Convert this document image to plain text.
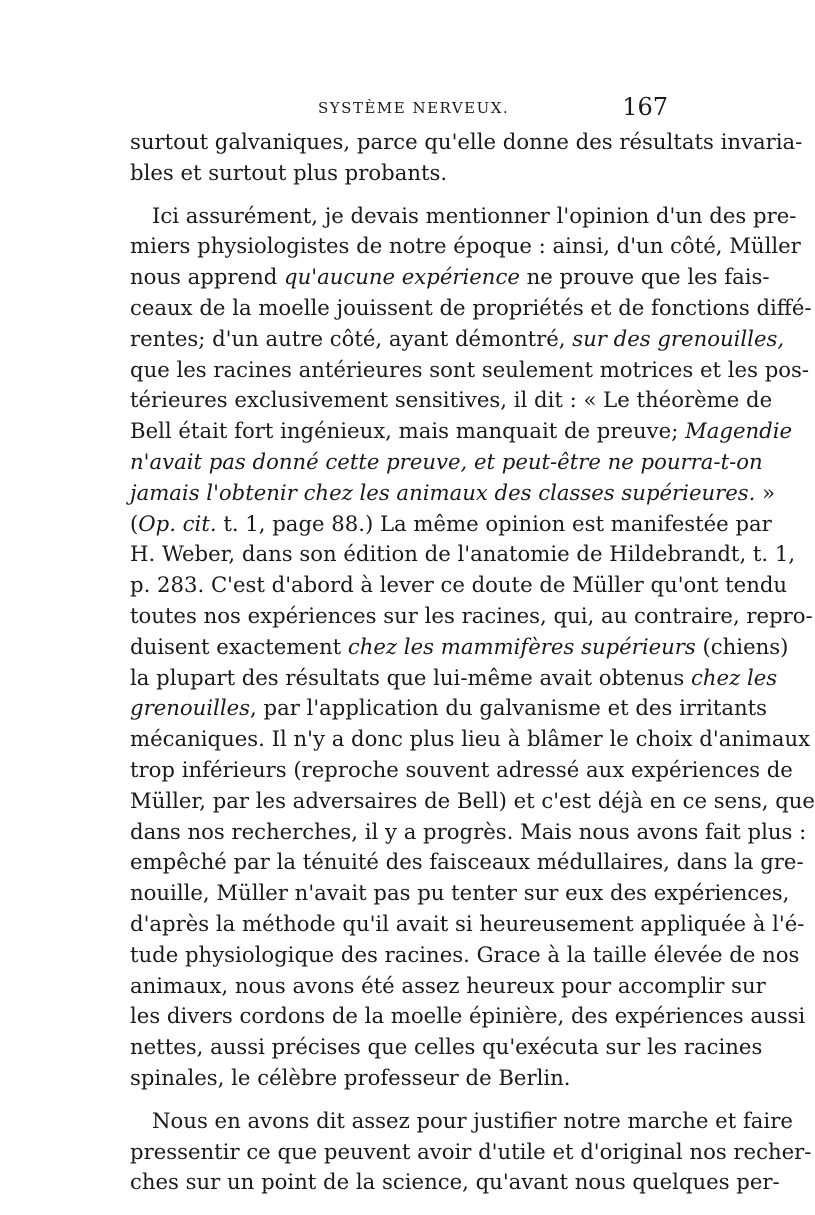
SYSTÈME NERVEUX.	167
surtout galvaniques, parce qu'elle donne des résultats invaria-
bles et surtout plus probants.
Ici assurément, je devais mentionner l'opinion d'un des pre-
miers physiologistes de notre époque : ainsi, d'un côté, Müller
nous apprend qu'aucune expérience ne prouve que les fais-
ceaux de la moelle jouissent de propriétés et de fonctions diffé-
rentes; d'un autre côté, ayant démontré, sur des grenouilles,
que les racines antérieures sont seulement motrices et les pos-
térieures exclusivement sensitives, il dit : « Le théorème de
Bell était fort ingénieux, mais manquait de preuve; Magendie
n'avait pas donné cette preuve, et peut-être ne pourra-t-on
jamais l'obtenir chez les animaux des classes supérieures. »
(Op. cit. t. 1, page 88.) La même opinion est manifestée par
H. Weber, dans son édition de l'anatomie de Hildebrandt, t. 1,
p. 283. C'est d'abord à lever ce doute de Müller qu'ont tendu
toutes nos expériences sur les racines, qui, au contraire, repro-
duisent exactement chez les mammifères supérieurs (chiens)
la plupart des résultats que lui-même avait obtenus chez les
grenouilles, par l'application du galvanisme et des irritants
mécaniques. Il n'y a donc plus lieu à blâmer le choix d'animaux
trop inférieurs (reproche souvent adressé aux expériences de
Müller, par les adversaires de Bell) et c'est déjà en ce sens, que
dans nos recherches, il y a progrès. Mais nous avons fait plus :
empêché par la ténuité des faisceaux médullaires, dans la gre-
nouille, Müller n'avait pas pu tenter sur eux des expériences,
d'après la méthode qu'il avait si heureusement appliquée à l'é-
tude physiologique des racines. Grace à la taille élevée de nos
animaux, nous avons été assez heureux pour accomplir sur
les divers cordons de la moelle épinière, des expériences aussi
nettes, aussi précises que celles qu'exécuta sur les racines
spinales, le célèbre professeur de Berlin.
Nous en avons dit assez pour justifier notre marche et faire
pressentir ce que peuvent avoir d'utile et d'original nos recher-
ches sur un point de la science, qu'avant nous quelques per-
